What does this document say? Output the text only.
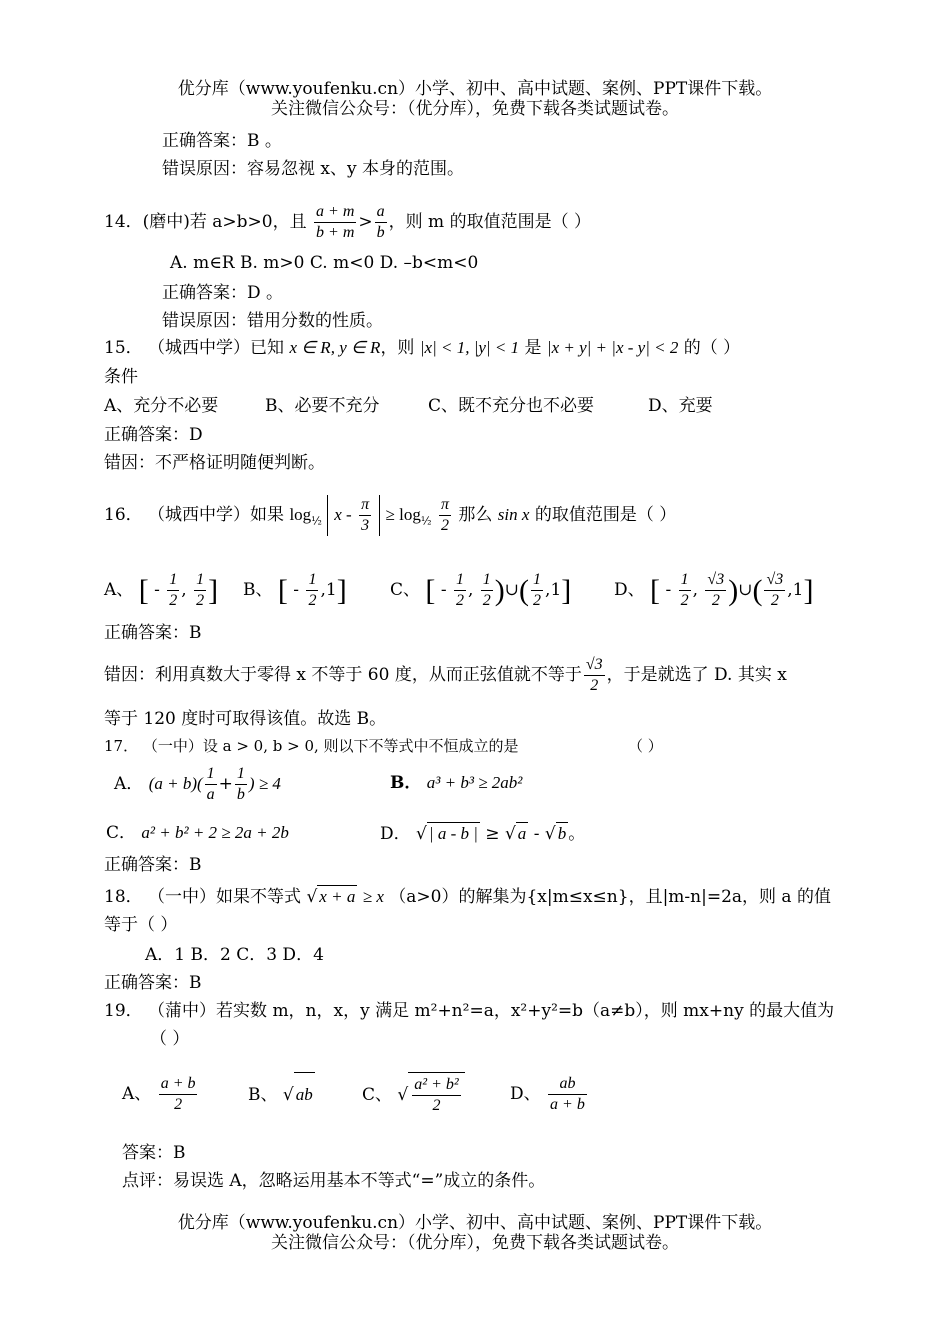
优分库（www.youfenku.cn）小学、初中、高中试题、案例、PPT课件下载。
关注微信公众号：（优分库），免费下载各类试题试卷。
正确答案：B 。
错误原因：容易忽视 x、y 本身的范围。
14．(磨中)若 a>b>0，且 $\frac{a + m}{b + m} > \frac{a}{b}$ ，则 m 的取值范围是（ ）
A. m∈R B. m>0 C. m<0 D. –b<m<0
正确答案：D 。
错误原因：错用分数的性质。
15． （城西中学）已知 x ∈ R, y ∈ R，则 |x| < 1, |y| < 1 是 |x + y| + |x - y| < 2 的（ ）
条件
A、充分不必要	B、必要不充分	C、既不充分也不必要	D、充要
正确答案：D
错因：不严格证明随便判断。
16． （城西中学）如果 $\log_{\frac{1}{2}} x - \frac{\pi}{3} \ge \log_{\frac{1}{2}} \frac{\pi}{2}$ 那么 sin x 的取值范围是（ ）
A、 [ - $\frac{1}{2}$ , $\frac{1}{2}$ ] B、 [ - $\frac{1}{2} ,1$]	C、 [ - $\frac{1}{2}$ , $\frac{1}{2}$ )∪( $\frac{1}{2} ,1$]	D、 [ - $\frac{1}{2}$ , $\frac{√3}{2}$ )∪( $\frac{√3}{2} ,1$]
正确答案：B
错因：利用真数大于零得 x 不等于 60 度，从而正弦值就不等于 $\frac{√3}{2}$ ，于是就选了 D. 其实 x
等于 120 度时可取得该值。故选 B。
17． （一中）设 a > 0, b > 0, 则以下不等式中不恒成立的是	（ ）
A． $(a + b)( \frac{1}{a} + \frac{1}{b}$ ) ≥ 4	B． a³ + b³ ≥ 2ab²
C． a² + b² + 2 ≥ 2a + 2b	D． √ | a - b | ≥ √ a - √ b 。
正确答案：B
18． （一中）如果不等式 √ x + a ≥ x （a>0）的解集为{x|m≤x≤n}，且|m-n|=2a，则 a 的值
等于（ ）
A．1 B．2 C．3 D．4
正确答案：B
19． （蒲中）若实数 m，n，x，y 满足 m²+n²=a，x²+y²=b（a≠b），则 mx+ny 的最大值为
（ ）
A、 $\frac{a + b}{2}$	B、 √ ab	C、 √ $\frac{\text{a² + b²}}{2}$	D、 $\frac{ab}{a + b}$
答案：B
点评：易误选 A，忽略运用基本不等式“=”成立的条件。
优分库（www.youfenku.cn）小学、初中、高中试题、案例、PPT课件下载。
关注微信公众号：（优分库），免费下载各类试题试卷。
